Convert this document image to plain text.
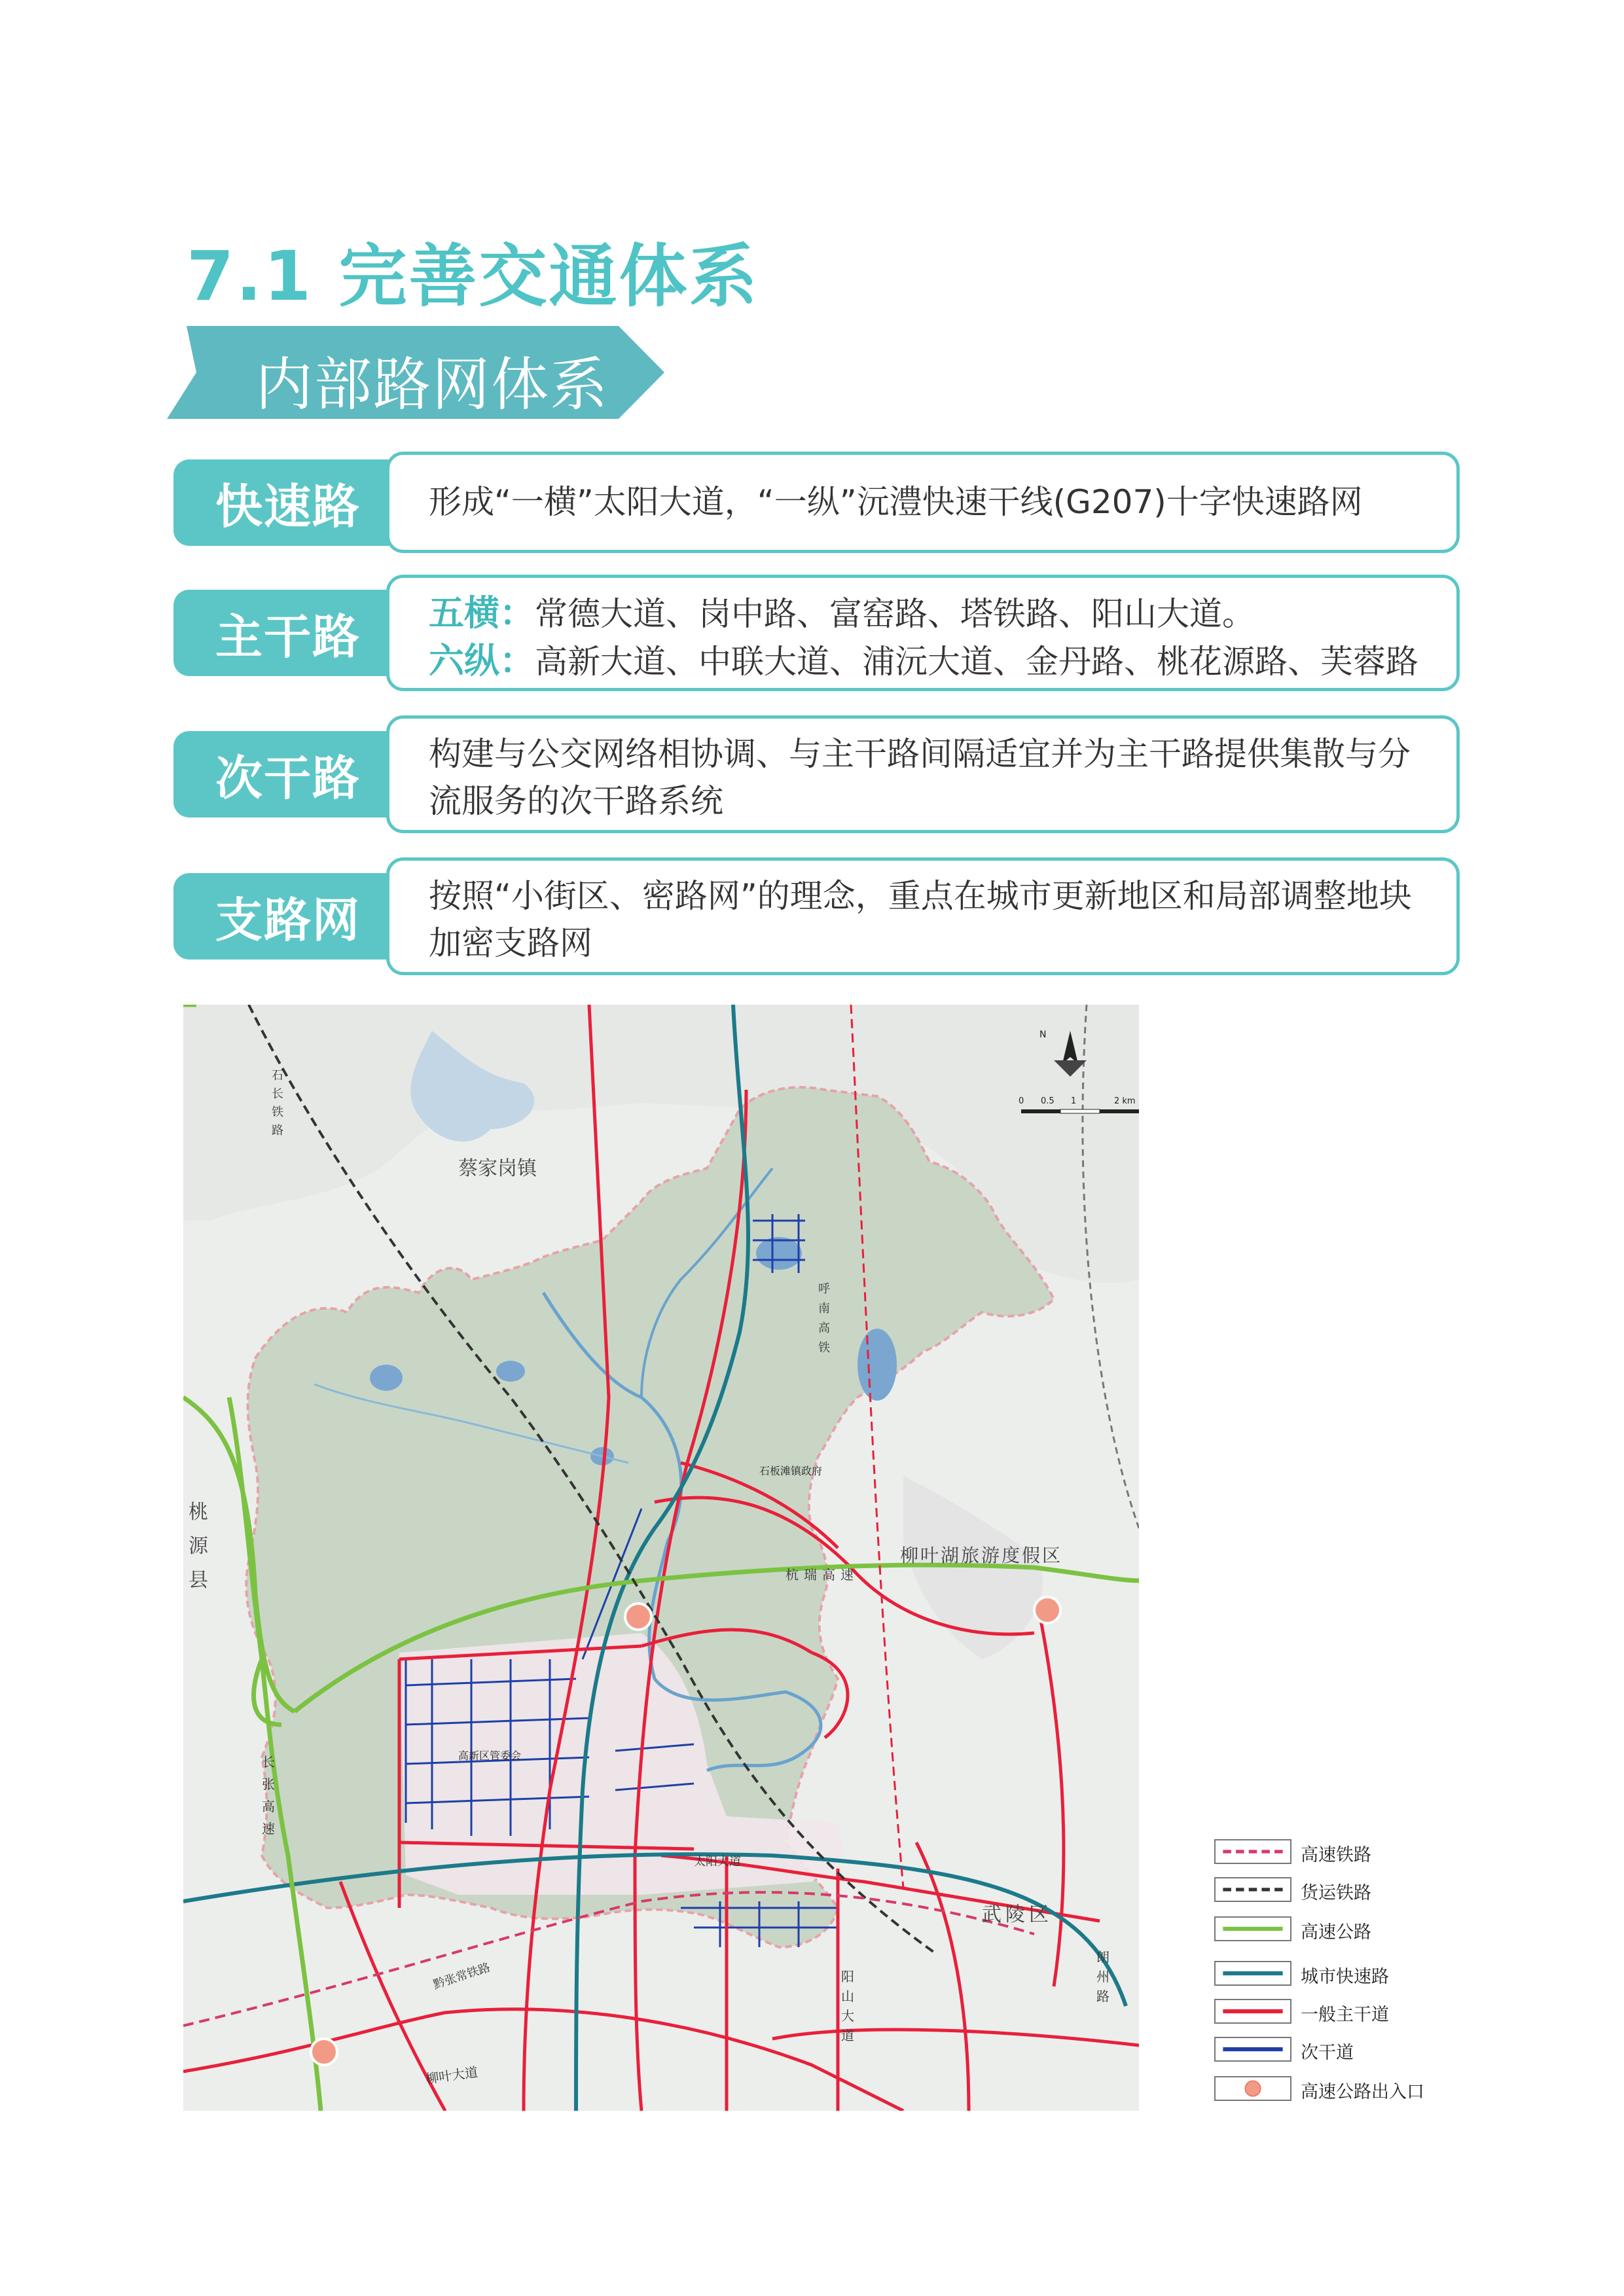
7.1 完善交通体系
内部路网体系
快速路	形成“一横”太阳大道，“一纵”沅澧快速干线(G207)十字快速路网
主干路	五横：常德大道、岗中路、富窑路、塔铁路、阳山大道。
六纵：高新大道、中联大道、浦沅大道、金丹路、桃花源路、芙蓉路
次干路	构建与公交网络相协调、与主干路间隔适宜并为主干路提供集散与分流服务的次干路系统
支路网	按照“小街区、密路网”的理念，重点在城市更新地区和局部调整地块加密支路网
N
0 0.5 1	2 km
蔡家岗镇
柳叶湖旅游度假区
桃源县
武陵区
杭瑞高速
长张高速
呼南高铁
黔张常铁路
柳叶大道
阳山大道
朗州路
太阳大道
石长铁路
高新区管委会
石板滩镇政府
高速铁路
货运铁路
高速公路
城市快速路
一般主干道
次干道
高速公路出入口
